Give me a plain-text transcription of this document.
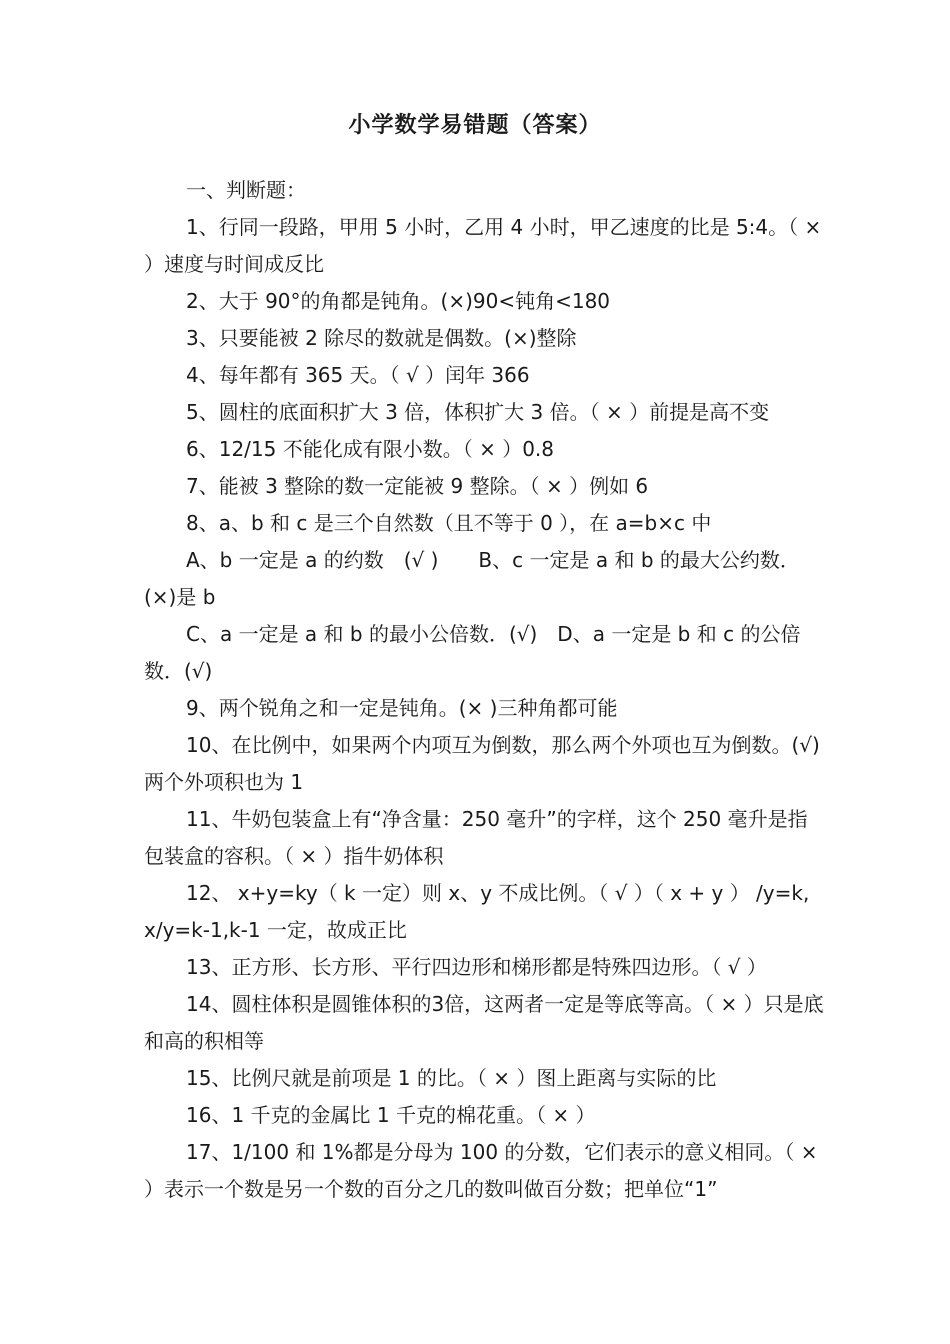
小学数学易错题（答案）

一、判断题：

1、行同一段路，甲用 5 小时，乙用 4 小时，甲乙速度的比是 5:4。（ × ）速度与时间成反比

2、大于 90°的角都是钝角。(×)90<钝角<180

3、只要能被 2 除尽的数就是偶数。(×)整除

4、每年都有 365 天。（ √ ）闰年 366

5、圆柱的底面积扩大 3 倍，体积扩大 3 倍。（ × ）前提是高不变

6、12/15 不能化成有限小数。（ × ）0.8

7、能被 3 整除的数一定能被 9 整除。（ × ）例如 6

8、a、b 和 c 是三个自然数（且不等于 0 ），在 a=b×c 中

A、b 一定是 a 的约数　(√ )　　B、c 一定是 a 和 b 的最大公约数．(×)是 b

C、a 一定是 a 和 b 的最小公倍数．(√)　D、a 一定是 b 和 c 的公倍数．(√)

9、两个锐角之和一定是钝角。(× )三种角都可能

10、在比例中，如果两个内项互为倒数，那么两个外项也互为倒数。(√)两个外项积也为 1

11、牛奶包装盒上有“净含量：250 毫升”的字样，这个 250 毫升是指包装盒的容积。（ × ）指牛奶体积

12、 x+y=ky（ k 一定）则 x、y 不成比例。（ √ ）（ x + y ） /y=k,x/y=k-1,k-1 一定，故成正比

13、正方形、长方形、平行四边形和梯形都是特殊四边形。（ √ ）

14、圆柱体积是圆锥体积的3倍，这两者一定是等底等高。（ × ）只是底和高的积相等

15、比例尺就是前项是 1 的比。（ × ）图上距离与实际的比

16、1 千克的金属比 1 千克的棉花重。（ × ）

17、1/100 和 1%都是分母为 100 的分数，它们表示的意义相同。（ × ）表示一个数是另一个数的百分之几的数叫做百分数；把单位“1”
